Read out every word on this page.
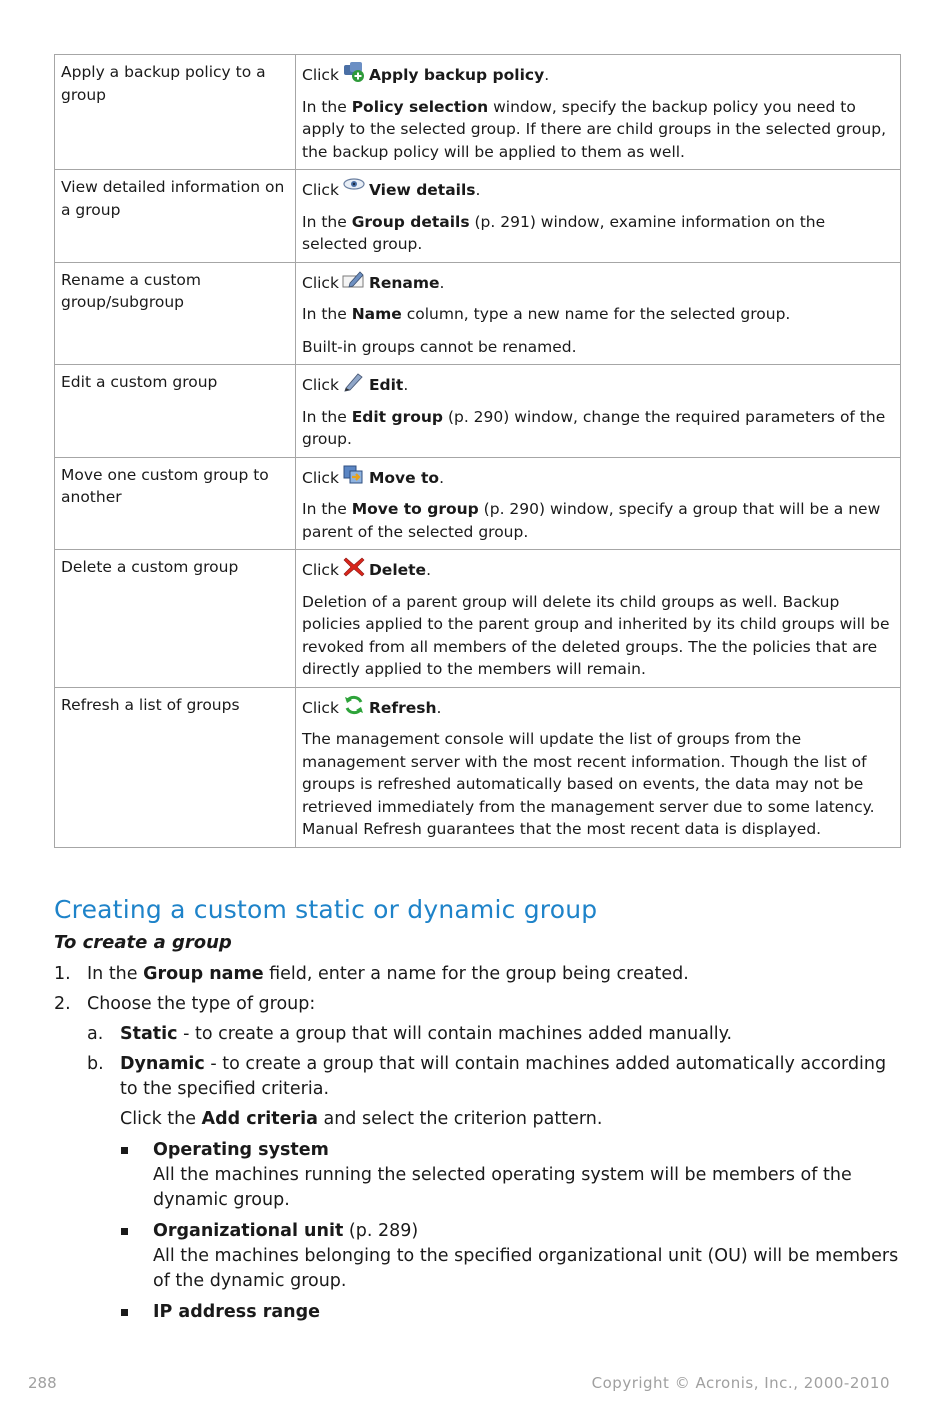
Apply a backup policy to a group	Click Apply backup policy.

In the Policy selection window, specify the backup policy you need to apply to the selected group. If there are child groups in the selected group, the backup policy will be applied to them as well.

View detailed information on a group	Click View details.

In the Group details (p. 291) window, examine information on the selected group.

Rename a custom group/subgroup	Click Rename.

In the Name column, type a new name for the selected group.

Built-in groups cannot be renamed.

Edit a custom group	Click Edit.

In the Edit group (p. 290) window, change the required parameters of the group.

Move one custom group to another	Click Move to.

In the Move to group (p. 290) window, specify a group that will be a new parent of the selected group.

Delete a custom group	Click Delete.

Deletion of a parent group will delete its child groups as well. Backup policies applied to the parent group and inherited by its child groups will be revoked from all members of the deleted groups. The the policies that are directly applied to the members will remain.

Refresh a list of groups	Click Refresh.

The management console will update the list of groups from the management server with the most recent information. Though the list of groups is refreshed automatically based on events, the data may not be retrieved immediately from the management server due to some latency. Manual Refresh guarantees that the most recent data is displayed.

Creating a custom static or dynamic group
To create a group
1. In the Group name field, enter a name for the group being created.
2. Choose the type of group:
a. Static - to create a group that will contain machines added manually.
b. Dynamic - to create a group that will contain machines added automatically according to the specified criteria.
Click the Add criteria and select the criterion pattern.
Operating system
All the machines running the selected operating system will be members of the dynamic group.
Organizational unit (p. 289)
All the machines belonging to the specified organizational unit (OU) will be members of the dynamic group.
IP address range
288	Copyright © Acronis, Inc., 2000-2010
